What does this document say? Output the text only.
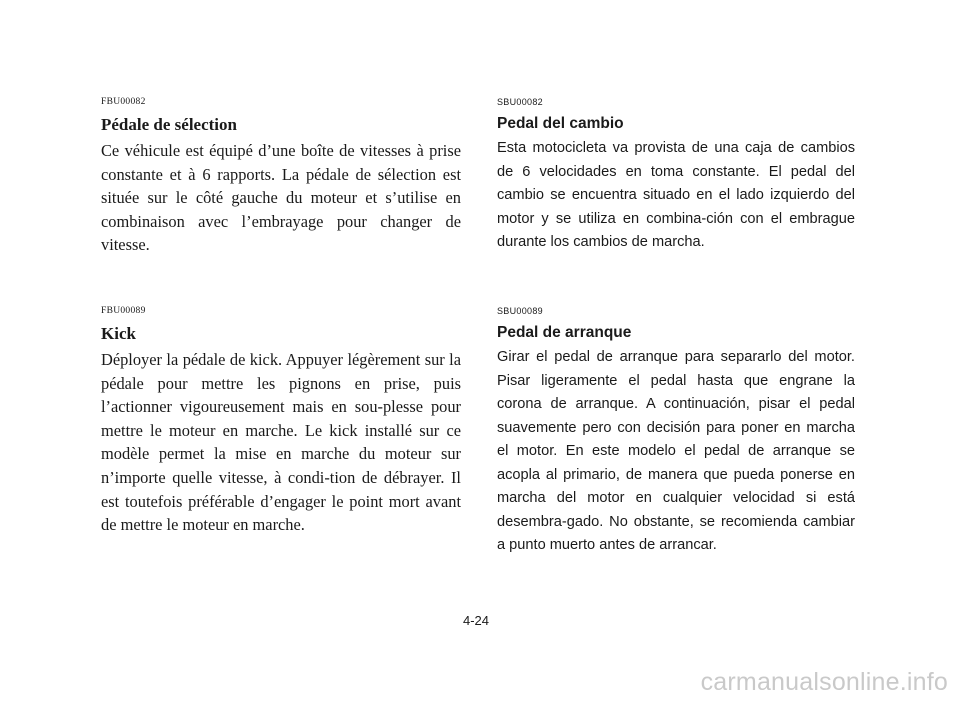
FBU00082

Pédale de sélection

Ce véhicule est équipé d’une boîte de vitesses à prise constante et à 6 rapports. La pédale de sélection est située sur le côté gauche du moteur et s’utilise en combinaison avec l’embrayage pour changer de vitesse.

FBU00089

Kick

Déployer la pédale de kick. Appuyer légèrement sur la pédale pour mettre les pignons en prise, puis l’actionner vigoureusement mais en sou-plesse pour mettre le moteur en marche. Le kick installé sur ce modèle permet la mise en marche du moteur sur n’importe quelle vitesse, à condi-tion de débrayer. Il est toutefois préférable d’engager le point mort avant de mettre le moteur en marche.

SBU00082

Pedal del cambio

Esta motocicleta va provista de una caja de cambios de 6 velocidades en toma constante. El pedal del cambio se encuentra situado en el lado izquierdo del motor y se utiliza en combina-ción con el embrague durante los cambios de marcha.

SBU00089

Pedal de arranque

Girar el pedal de arranque para separarlo del motor. Pisar ligeramente el pedal hasta que engrane la corona de arranque. A continuación, pisar el pedal suavemente pero con decisión para poner en marcha el motor. En este modelo el pedal de arranque se acopla al primario, de manera que pueda ponerse en marcha del motor en cualquier velocidad si está desembra-gado. No obstante, se recomienda cambiar a punto muerto antes de arrancar.

4-24
carmanualsonline.info
